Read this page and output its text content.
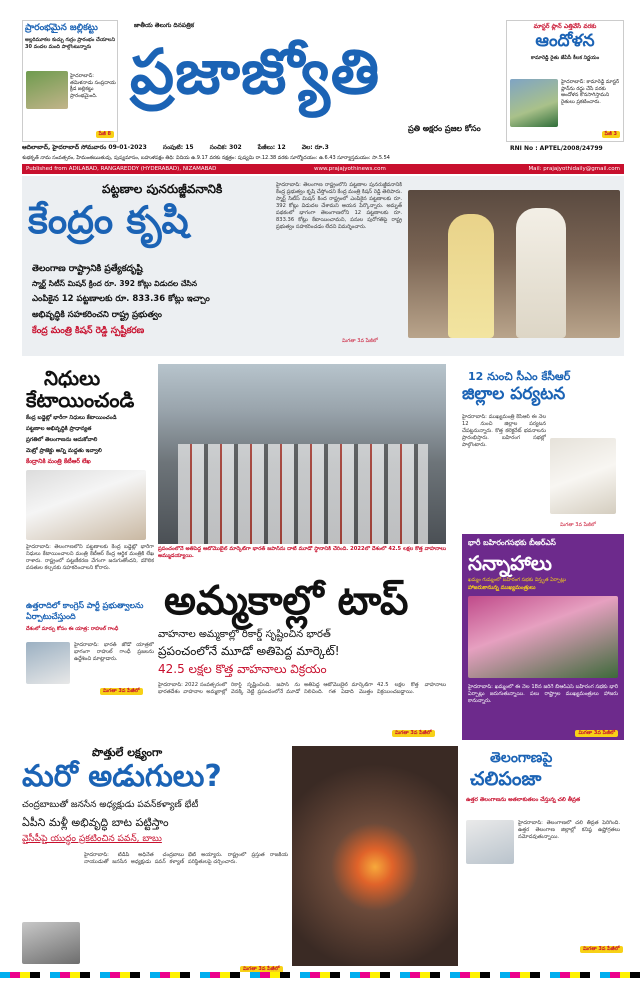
ప్రారంభమైన జల్లికట్టు
అల్లరిమూకల కుచ్చు గుర్రం ప్రారంభం చేయాలని 30 వందల మంది పాల్గొంటున్నారు
హైదరాబాద్: తమిళనాడు సంప్రదాయ క్రీడ జల్లికట్టు ప్రారంభమైంది.
పేజీ 8
జాతీయ తెలుగు దినపత్రిక
ప్రజాజ్యోతి
ప్రతి అక్షరం ప్రజల కోసం
మాస్టర్ ప్లాన్ ఎత్తివేసే వరకు
ఆందోళన
కామారెడ్డి రైతు జేఏసీ కీలక నిర్ణయం
హైదరాబాద్: కామారెడ్డి మాస్టర్ ప్లాన్‌ను రద్దు చేసే వరకు ఆందోళన కొనసాగిస్తామని రైతులు ప్రకటించారు.
పేజీ 3
RNI No : APTEL/2008/24799
ఆదిలాబాద్, హైదరాబాద్ సోమవారం 09-01-2023	సంపుటి: 15	సంచిక: 302	పేజీలు: 12	వెల: రూ.3
శుభకృత్ నామ సంవత్సరం, హేమంతఋతువు, పుష్యమాసం, బహుళపక్షం తిథి: విదియ ఉ.9.17 వరకు నక్షత్రం: పుష్యమి రా.12.38 వరకు సూర్యోదయం: ఉ.6.43 సూర్యాస్తమయం: సా.5.54
Published from ADILABAD, RANGAREDDY (HYDERABAD), NIZAMABAD	www.prajajyothinews.com	Mail: prajajyothidaily@gmail.com
పట్టణాల పునరుజ్జీవనానికి
కేంద్రం కృషి
తెలంగాణ రాష్ట్రానికి ప్రత్యేకదృష్టి
స్మార్ట్ సిటీస్ మిషన్ క్రింద రూ. 392 కోట్లు విడుదల చేసిన
ఎంపికైన 12 పట్టణాలకు రూ. 833.36 కోట్లు ఇచ్చాం
అభివృద్ధికి సహకరించని రాష్ట్ర ప్రభుత్వం
కేంద్ర మంత్రి కిషన్ రెడ్డి స్పష్టీకరణ
హైదరాబాద్: తెలంగాణ రాష్ట్రంలోని పట్టణాల పునరుజ్జీవనానికి కేంద్ర ప్రభుత్వం కృషి చేస్తోందని కేంద్ర మంత్రి కిషన్ రెడ్డి తెలిపారు. స్మార్ట్ సిటీస్ మిషన్ కింద రాష్ట్రంలో ఎంపికైన పట్టణాలకు రూ. 392 కోట్లు విడుదల చేశామని ఆయన పేర్కొన్నారు. అమృత్ పథకంలో భాగంగా తెలంగాణలోని 12 పట్టణాలకు రూ. 833.36 కోట్లు కేటాయించామని, పనుల పురోగతిపై రాష్ట్ర ప్రభుత్వం సహకరించడం లేదని విమర్శించారు.
మిగతా 3వ పేజీలో
నిధులు
కేటాయించండి
కేంద్ర బడ్జెట్లో భారీగా నిధులు కేటాయించండి
పట్టణాల అభివృద్ధికి ప్రాధాన్యత
ప్రగతిలో తెలంగాణను ఆదుకోవాలి
మెట్రో ప్రాజెక్టు అన్ని మద్దతు ఇవ్వాలి
కేంద్రానికి మంత్రి కేటీఆర్ లేఖ
హైదరాబాద్: తెలంగాణలోని పట్టణాలకు కేంద్ర బడ్జెట్లో భారీగా నిధులు కేటాయించాలని మంత్రి కేటీఆర్ కేంద్ర ఆర్థిక మంత్రికి లేఖ రాశారు. రాష్ట్రంలో పట్టణీకరణ వేగంగా జరుగుతోందని, మౌలిక వసతుల కల్పనకు సహకరించాలని కోరారు.
ఉత్తరాదిలో కాంగ్రెస్ పార్టీ ప్రభుత్వాలను ఏర్పాటుచేస్తుంది
దేశంలో మార్పు కోసం ఈ యాత్ర: రాహుల్ గాంధీ
హైదరాబాద్: భారత్ జోడో యాత్రలో భాగంగా రాహుల్ గాంధీ ప్రజలను ఉద్దేశించి మాట్లాడారు.
మిగతా 3వ పేజీలో
ప్రపంచంలోనే అతిపెద్ద ఆటోమొబైల్ మార్కెట్‌గా భారత్ జపాన్‌ను దాటి మూడో స్థానానికి చేరింది. 2022లో దేశంలో 42.5 లక్షల కొత్త వాహనాలు అమ్ముడయ్యాయి.
అమ్మకాల్లో టాప్
వాహనాల అమ్మకాల్లో రికార్డ్ సృష్టించిన భారత్
ప్రపంచంలోనే మూడో అతిపెద్ద మార్కెట్!
42.5 లక్షల కొత్త వాహనాలు విక్రయం
హైదరాబాద్: 2022 సంవత్సరంలో భారతదేశం వాహనాల అమ్మకాల్లో రికార్డ్ సృష్టించింది. జపాన్ ను వెనక్కి నెట్టి ప్రపంచంలోనే మూడో అతిపెద్ద ఆటోమొబైల్ మార్కెట్‌గా నిలిచింది. గత ఏడాది మొత్తం 42.5 లక్షల కొత్త వాహనాలు విక్రయించబడ్డాయి.
మిగతా 3వ పేజీలో
12 నుంచి సీఎం కేసీఆర్
జిల్లాల పర్యటన
హైదరాబాద్: ముఖ్యమంత్రి కేసీఆర్ ఈ నెల 12 నుంచి జిల్లాల పర్యటన చేపట్టనున్నారు. కొత్త కలెక్టరేట్ భవనాలను ప్రారంభిస్తారు. బహిరంగ సభల్లో పాల్గొంటారు.
మిగతా 3వ పేజీలో
భారీ బహిరంగసభకు బీఆర్ఎస్
సన్నాహాలు
ఖమ్మం గుమ్మంలో బహిరంగ సభకు విస్తృత ఏర్పాట్లు
హాజరుకానున్న ముఖ్యమంత్రులు
హైదరాబాద్: ఖమ్మంలో ఈ నెల 18న జరిగే బీఆర్ఎస్ బహిరంగ సభకు భారీ ఏర్పాట్లు జరుగుతున్నాయి. పలు రాష్ట్రాల ముఖ్యమంత్రులు హాజరు కానున్నారు.
మిగతా 3వ పేజీలో
పొత్తులే లక్ష్యంగా
మరో అడుగులు?
చంద్రబాబుతో జనసేన అధ్యక్షుడు పవన్‌కళ్యాణ్ భేటీ
ఏపీని మళ్లీ అభివృద్ధి బాట పట్టిస్తాం
వైసీపీపై యుద్ధం ప్రకటించిన పవన్, బాబు
హైదరాబాద్: టీడీపీ అధినేత చంద్రబాబు నాయుడుతో జనసేన అధ్యక్షుడు పవన్ కళ్యాణ్ భేటీ అయ్యారు. రాష్ట్రంలో ప్రస్తుత రాజకీయ పరిస్థితులపై చర్చించారు.
మిగతా 3వ పేజీలో
తెలంగాణపై
చలిపంజా
ఉత్తర తెలంగాణను అతలాకుతలం చేస్తున్న చలి తీవ్రత
హైదరాబాద్: తెలంగాణలో చలి తీవ్రత పెరిగింది. ఉత్తర తెలంగాణ జిల్లాల్లో కనిష్ఠ ఉష్ణోగ్రతలు నమోదవుతున్నాయి.
మిగతా 3వ పేజీలో
